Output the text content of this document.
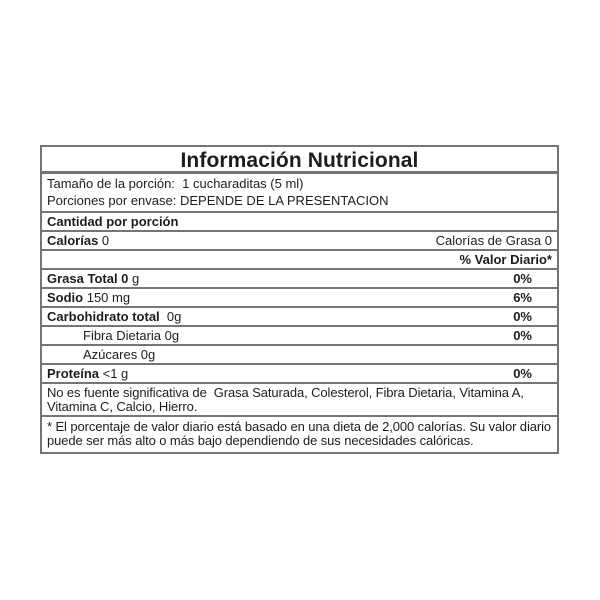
Información Nutricional
Tamaño de la porción:  1 cucharaditas (5 ml)
Porciones por envase: DEPENDE DE LA PRESENTACION
Cantidad por porción
Calorías 0	Calorías de Grasa 0
% Valor Diario*
Grasa Total 0 g	0%
Sodio 150 mg	6%
Carbohidrato total  0g	0%
Fibra Dietaria 0g	0%
Azúcares 0g
Proteína <1 g	0%
No es fuente significativa de  Grasa Saturada, Colesterol, Fibra Dietaria, Vitamina A, Vitamina C, Calcio, Hierro.
* El porcentaje de valor diario está basado en una dieta de 2,000 calorías. Su valor diario puede ser más alto o más bajo dependiendo de sus necesidades calóricas.
